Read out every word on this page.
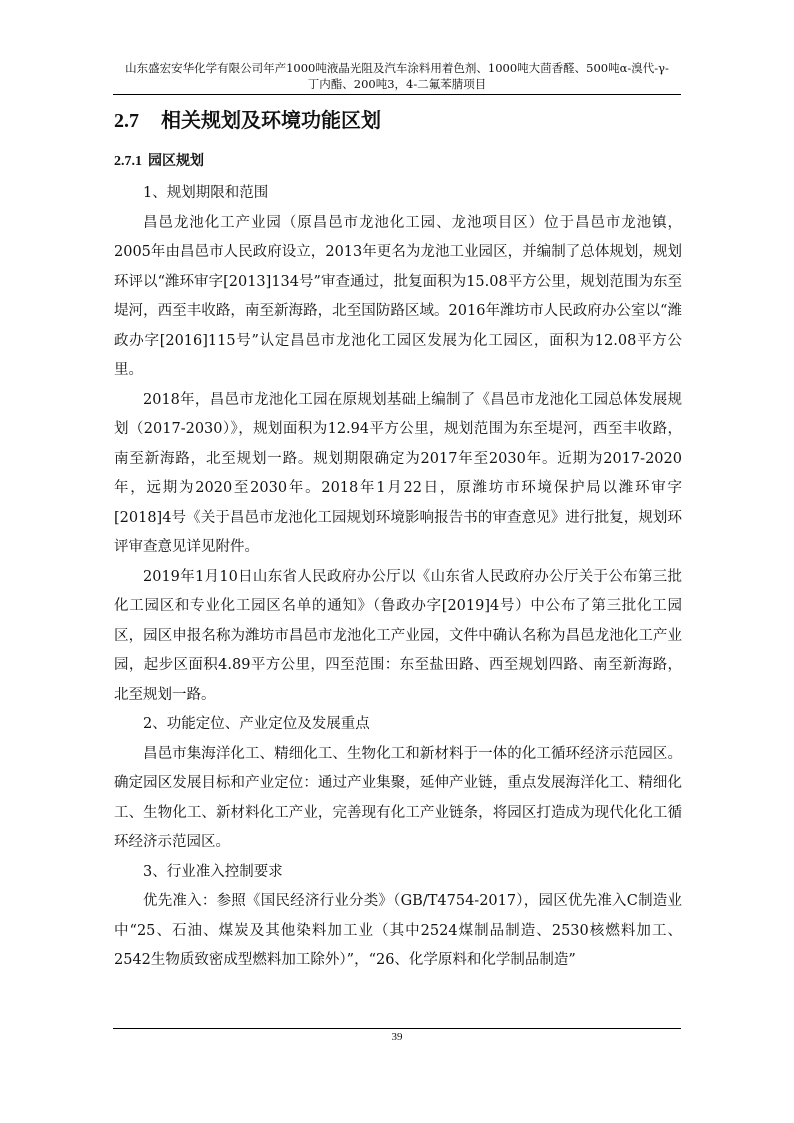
山东盛宏安华化学有限公司年产1000吨液晶光阻及汽车涂料用着色剂、1000吨大茴香醛、500吨α-溴代-γ-
丁内酯、200吨3，4-二氟苯腈项目
2.7 相关规划及环境功能区划
2.7.1 园区规划

1、规划期限和范围

昌邑龙池化工产业园（原昌邑市龙池化工园、龙池项目区）位于昌邑市龙池镇，2005年由昌邑市人民政府设立，2013年更名为龙池工业园区，并编制了总体规划，规划环评以“潍环审字[2013]134号”审查通过，批复面积为15.08平方公里，规划范围为东至堤河，西至丰收路，南至新海路，北至国防路区域。2016年潍坊市人民政府办公室以“潍政办字[2016]115号”认定昌邑市龙池化工园区发展为化工园区，面积为12.08平方公里。

2018年，昌邑市龙池化工园在原规划基础上编制了《昌邑市龙池化工园总体发展规划（2017-2030）》，规划面积为12.94平方公里，规划范围为东至堤河，西至丰收路，南至新海路，北至规划一路。规划期限确定为2017年至2030年。近期为2017-2020年，远期为2020至2030年。2018年1月22日，原潍坊市环境保护局以潍环审字[2018]4号《关于昌邑市龙池化工园规划环境影响报告书的审查意见》进行批复，规划环评审查意见详见附件。

2019年1月10日山东省人民政府办公厅以《山东省人民政府办公厅关于公布第三批化工园区和专业化工园区名单的通知》（鲁政办字[2019]4号）中公布了第三批化工园区，园区申报名称为潍坊市昌邑市龙池化工产业园，文件中确认名称为昌邑龙池化工产业园，起步区面积4.89平方公里，四至范围：东至盐田路、西至规划四路、南至新海路，北至规划一路。

2、功能定位、产业定位及发展重点

昌邑市集海洋化工、精细化工、生物化工和新材料于一体的化工循环经济示范园区。确定园区发展目标和产业定位：通过产业集聚，延伸产业链，重点发展海洋化工、精细化工、生物化工、新材料化工产业，完善现有化工产业链条，将园区打造成为现代化化工循环经济示范园区。

3、行业准入控制要求

优先准入：参照《国民经济行业分类》（GB/T4754-2017），园区优先准入C制造业中“25、石油、煤炭及其他染料加工业（其中2524煤制品制造、2530核燃料加工、2542生物质致密成型燃料加工除外）”，“26、化学原料和化学制品制造”

39
